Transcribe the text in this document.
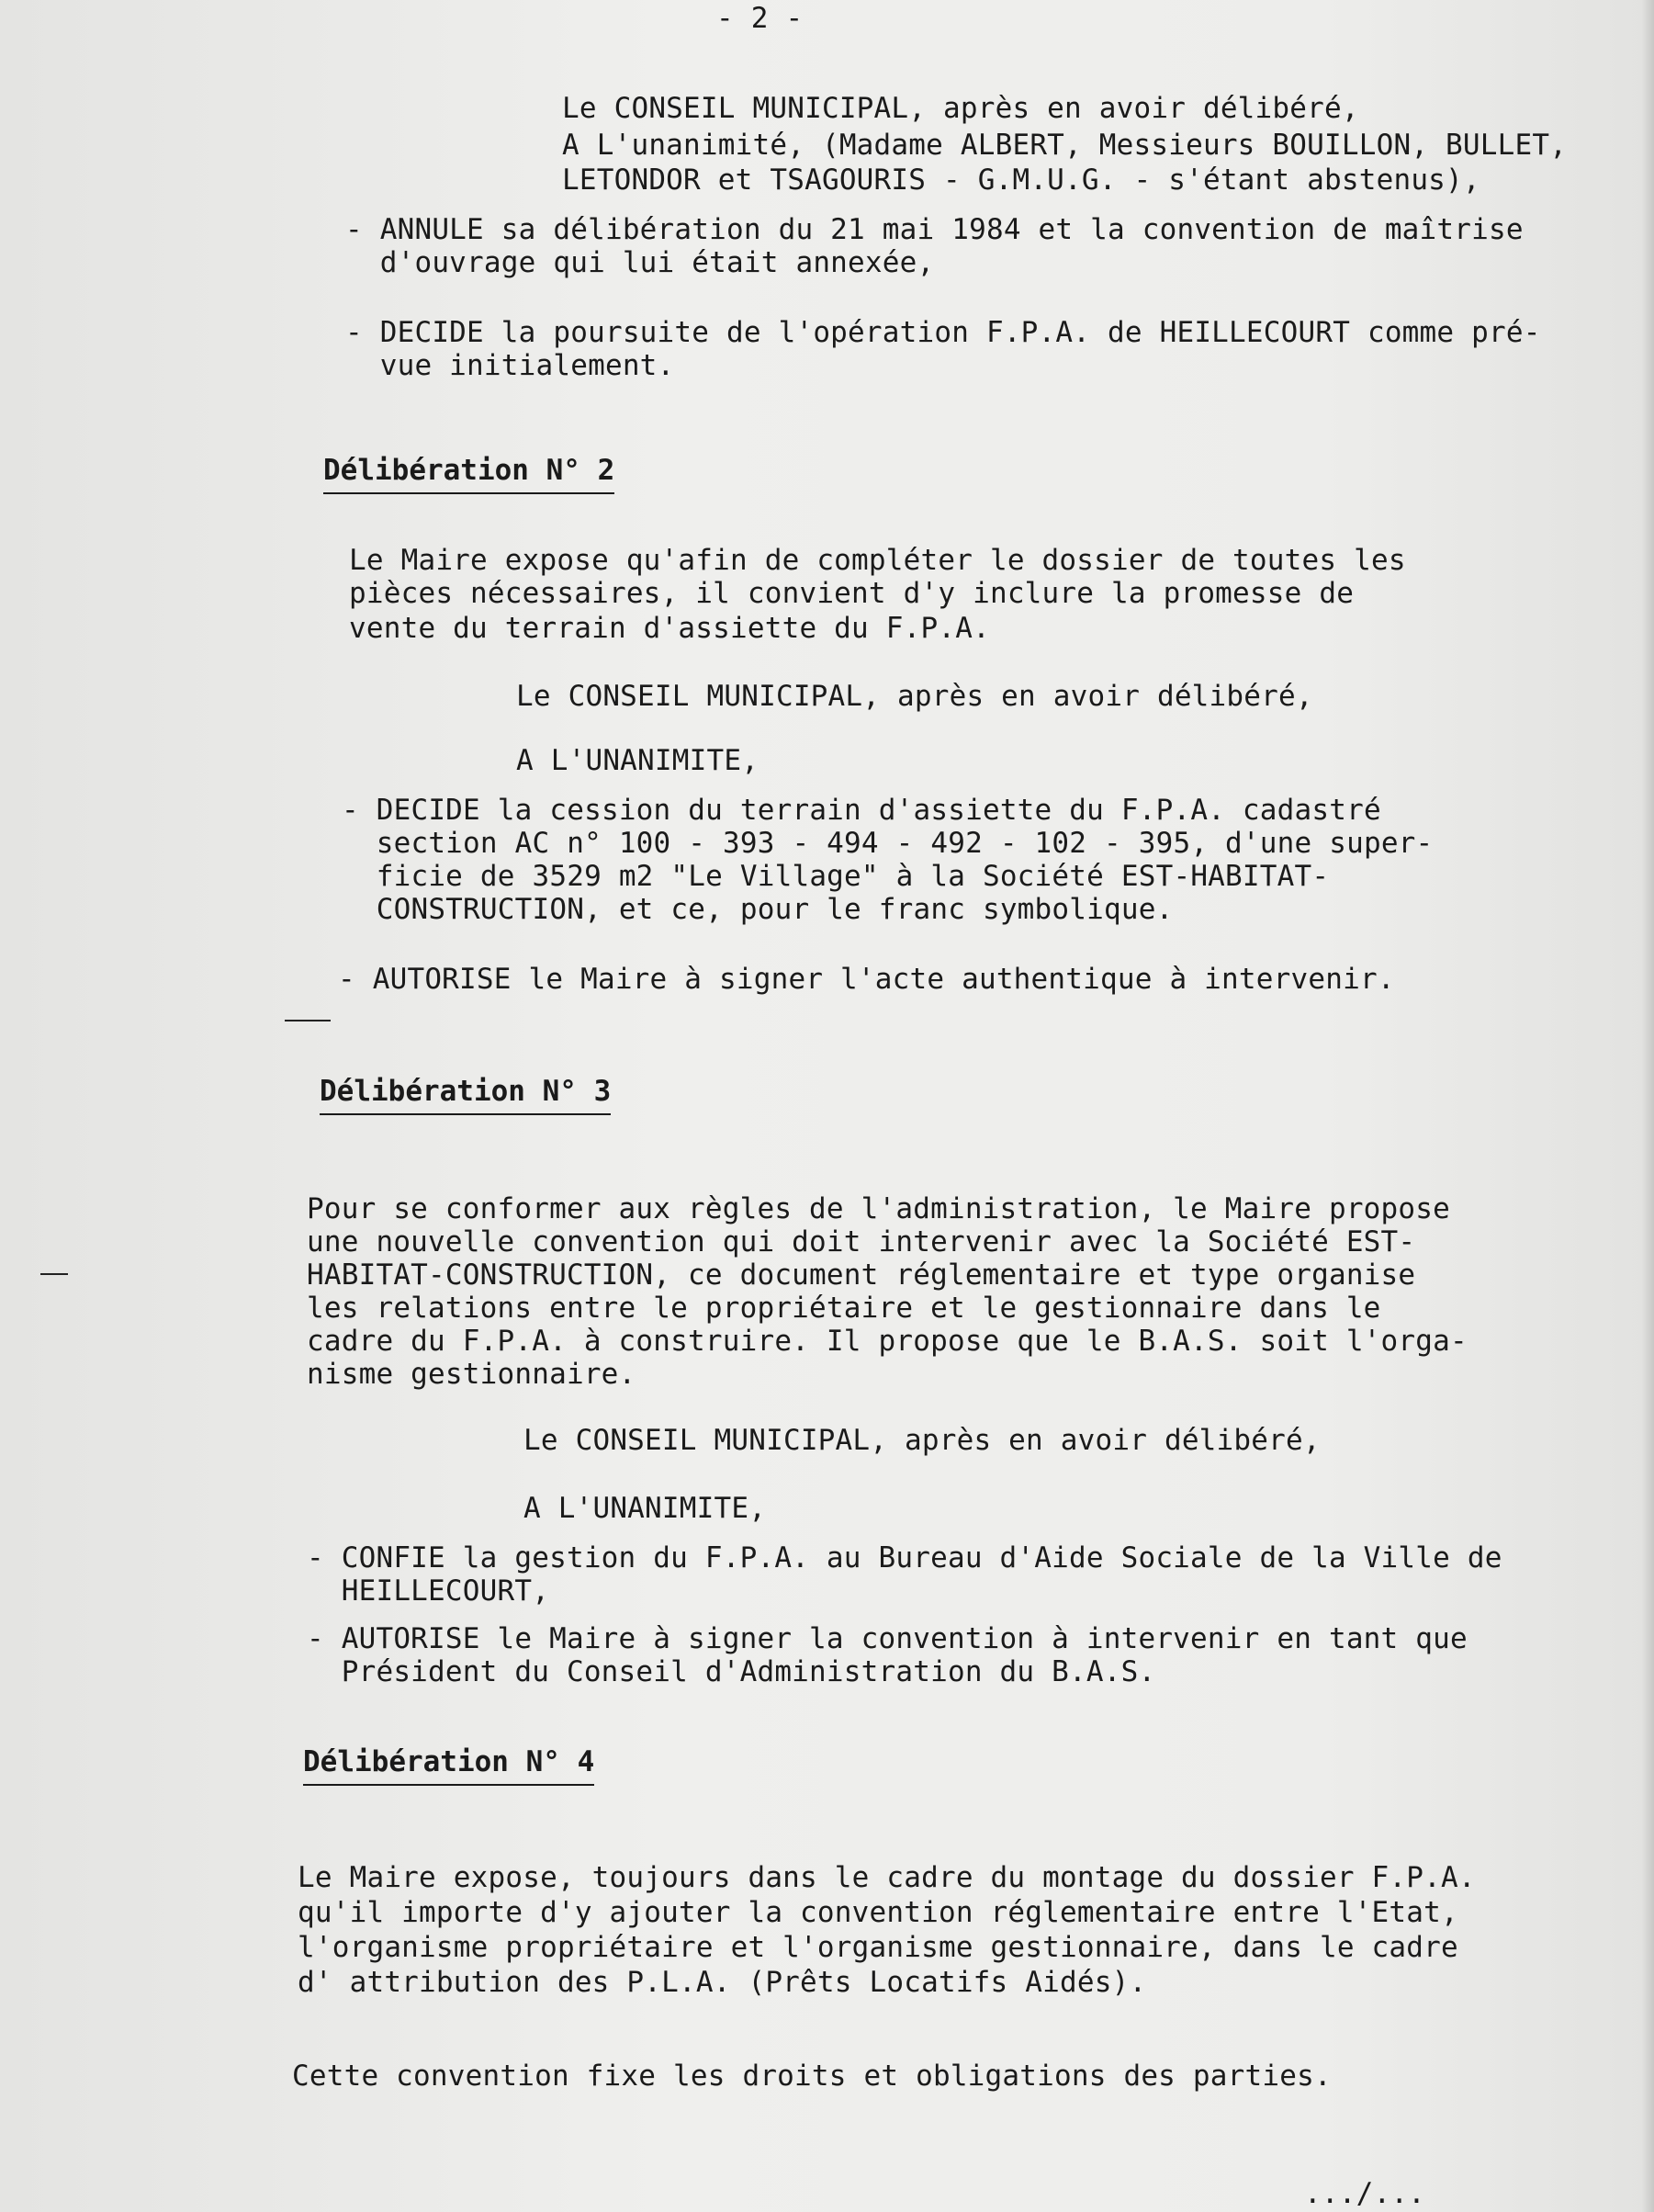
- 2 -
Le CONSEIL MUNICIPAL, après en avoir délibéré,
A L'unanimité, (Madame ALBERT, Messieurs BOUILLON, BULLET,
LETONDOR et TSAGOURIS - G.M.U.G. - s'étant abstenus),
- ANNULE sa délibération du 21 mai 1984 et la convention de maîtrise
d'ouvrage qui lui était annexée,
- DECIDE la poursuite de l'opération F.P.A. de HEILLECOURT comme pré-
vue initialement.
Délibération N° 2
Le Maire expose qu'afin de compléter le dossier de toutes les
pièces nécessaires, il convient d'y inclure la promesse de
vente du terrain d'assiette du F.P.A.
Le CONSEIL MUNICIPAL, après en avoir délibéré,
A L'UNANIMITE,
- DECIDE la cession du terrain d'assiette du F.P.A. cadastré
section AC n° 100 - 393 - 494 - 492 - 102 - 395, d'une super-
ficie de 3529 m2 "Le Village" à la Société EST-HABITAT-
CONSTRUCTION, et ce, pour le franc symbolique.
- AUTORISE le Maire à signer l'acte authentique à intervenir.
Délibération N° 3
Pour se conformer aux règles de l'administration, le Maire propose
une nouvelle convention qui doit intervenir avec la Société EST-
HABITAT-CONSTRUCTION, ce document réglementaire et type organise
les relations entre le propriétaire et le gestionnaire dans le
cadre du F.P.A. à construire. Il propose que le B.A.S. soit l'orga-
nisme gestionnaire.
Le CONSEIL MUNICIPAL, après en avoir délibéré,
A L'UNANIMITE,
- CONFIE la gestion du F.P.A. au Bureau d'Aide Sociale de la Ville de
HEILLECOURT,
- AUTORISE le Maire à signer la convention à intervenir en tant que
Président du Conseil d'Administration du B.A.S.
Délibération N° 4
Le Maire expose, toujours dans le cadre du montage du dossier F.P.A.
qu'il importe d'y ajouter la convention réglementaire entre l'Etat,
l'organisme propriétaire et l'organisme gestionnaire, dans le cadre
d' attribution des P.L.A. (Prêts Locatifs Aidés).
Cette convention fixe les droits et obligations des parties.
.../...
